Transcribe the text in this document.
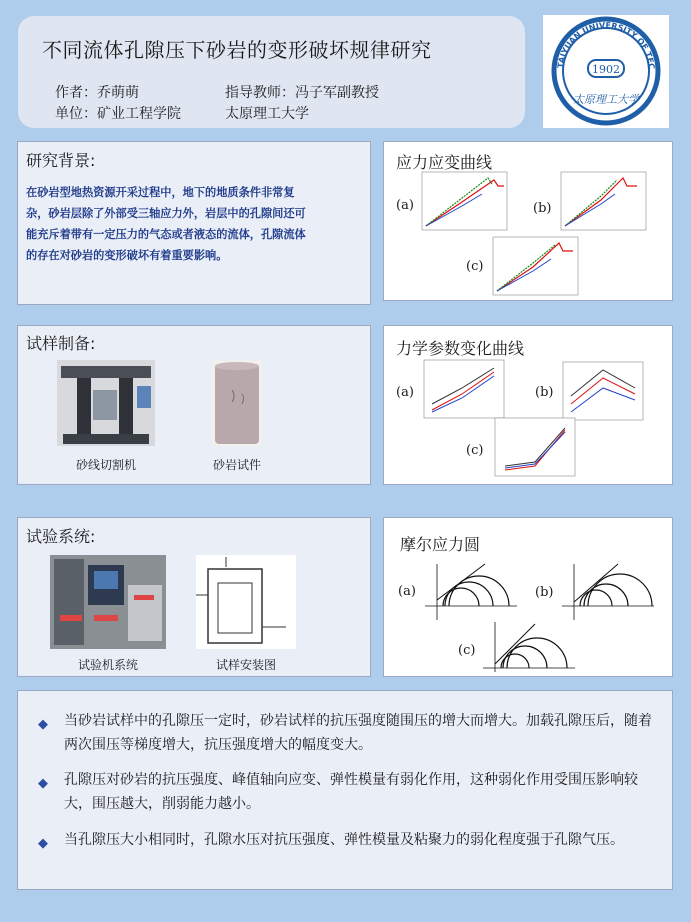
不同流体孔隙压下砂岩的变形破坏规律研究
作者：乔萌萌	指导教师：冯子军副教授
单位：矿业工程学院	太原理工大学
TAIYUAN UNIVERSITY OF TECHNOLOGY
1902
太原理工大学
研究背景:
在砂岩型地热资源开采过程中，地下的地质条件非常复杂，砂岩层除了外部受三轴应力外，岩层中的孔隙间还可能充斥着带有一定压力的气态或者液态的流体，孔隙流体的存在对砂岩的变形破坏有着重要影响。
试样制备:
砂线切割机	砂岩试件
试验系统:
试验机系统	试样安装图
应力应变曲线
(a)	(b)
(c)
力学参数变化曲线
(a)	(b)
(c)
摩尔应力圆
(a)	(b)
(c)
◆ 当砂岩试样中的孔隙压一定时，砂岩试样的抗压强度随围压的增大而增大。加载孔隙压后，随着两次围压等梯度增大，抗压强度增大的幅度变大。
◆ 孔隙压对砂岩的抗压强度、峰值轴向应变、弹性模量有弱化作用，这种弱化作用受围压影响较大，围压越大，削弱能力越小。
◆ 当孔隙压大小相同时，孔隙水压对抗压强度、弹性模量及粘聚力的弱化程度强于孔隙气压。
